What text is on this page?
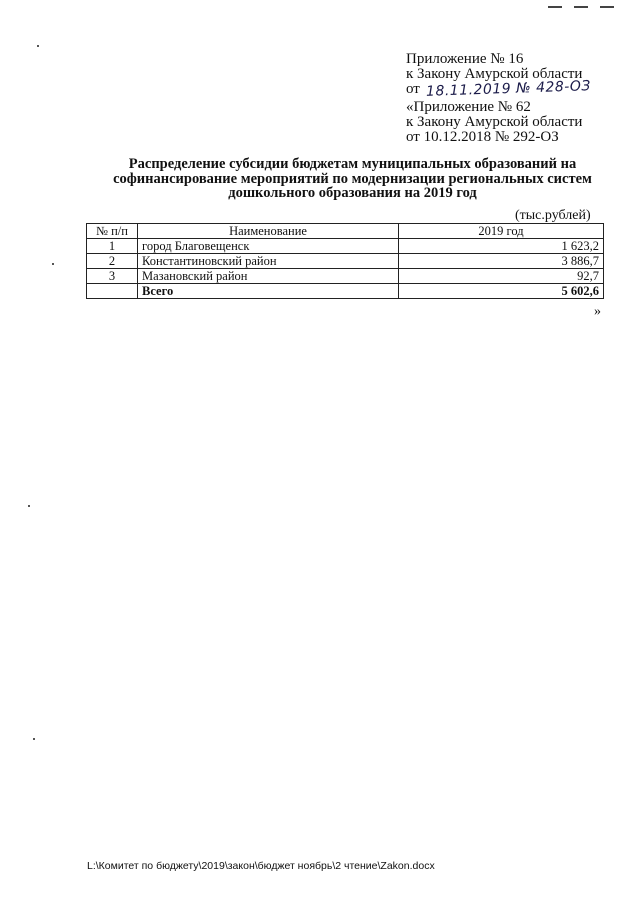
Приложение № 16
к Закону Амурской области
от 18.11.2019 № 428-ОЗ
«Приложение № 62
к Закону Амурской области
от 10.12.2018 № 292-ОЗ
Распределение субсидии бюджетам муниципальных образований на
софинансирование мероприятий по модернизации региональных систем
дошкольного образования на 2019 год
(тыс.рублей)
№ п/п	Наименование	2019 год
1	город Благовещенск	1 623,2
2	Константиновский район	3 886,7
3	Мазановский район	92,7
	Всего	5 602,6
»
L:\Комитет по бюджету\2019\закон\бюджет ноябрь\2 чтение\Zakon.docx
